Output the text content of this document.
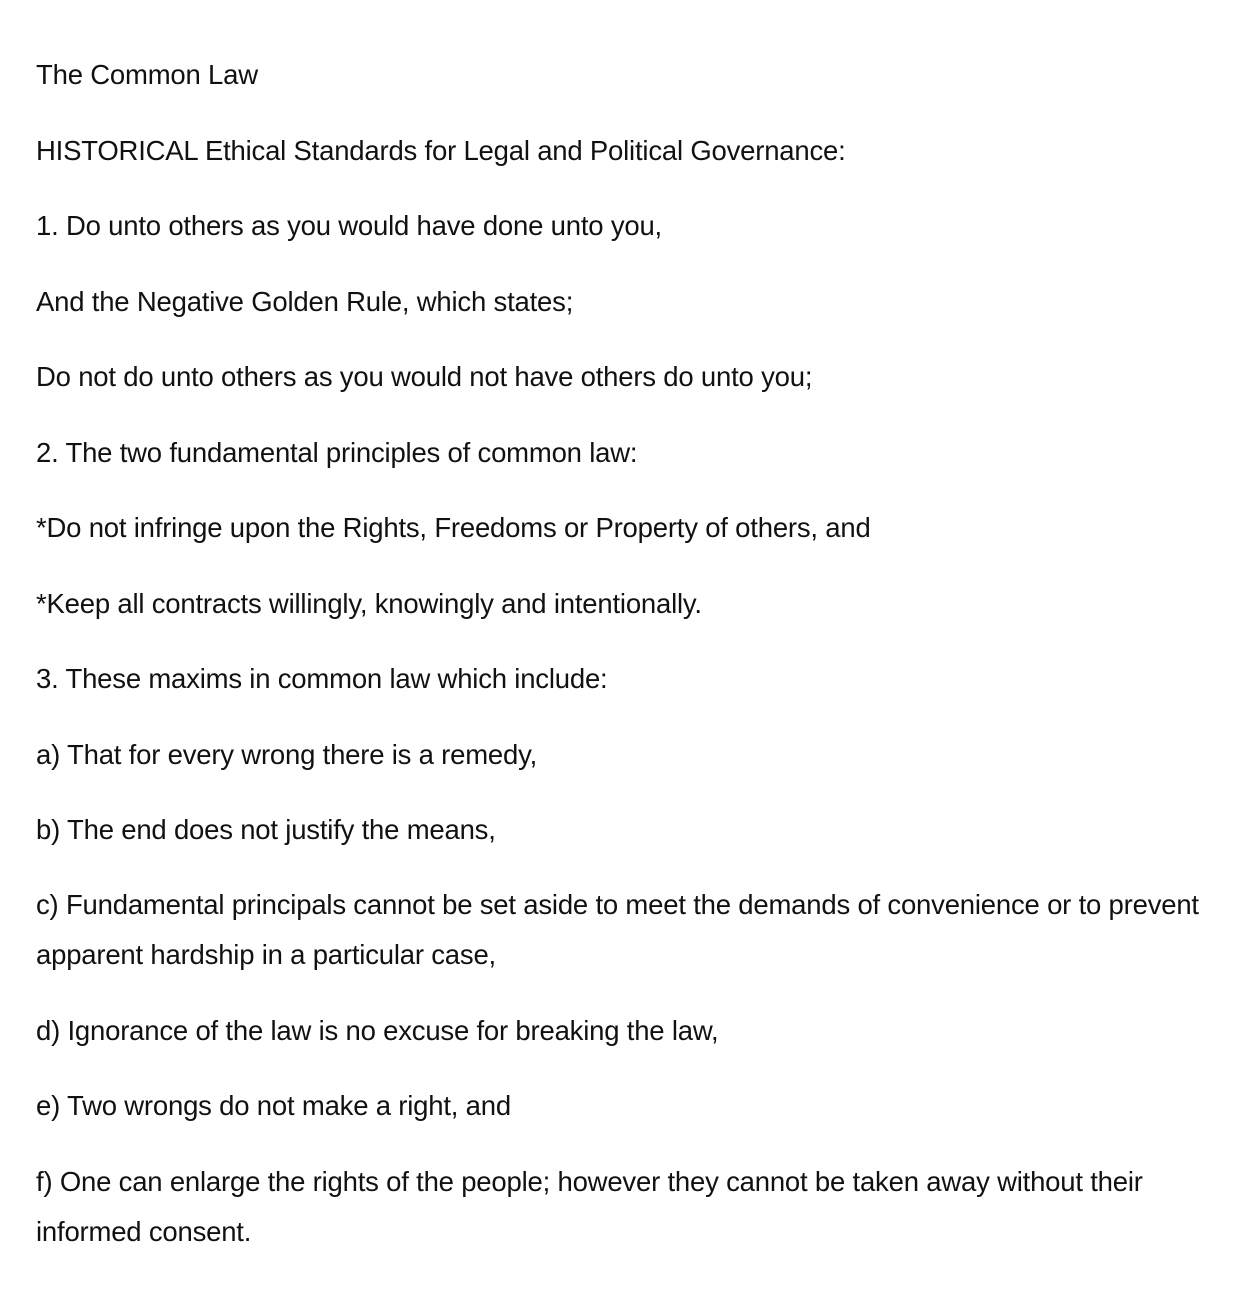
The Common Law
HISTORICAL Ethical Standards for Legal and Political Governance:
1. Do unto others as you would have done unto you,
And the Negative Golden Rule, which states;
Do not do unto others as you would not have others do unto you;
2. The two fundamental principles of common law:
*Do not infringe upon the Rights, Freedoms or Property of others, and
*Keep all contracts willingly, knowingly and intentionally.
3. These maxims in common law which include:
a) That for every wrong there is a remedy,
b) The end does not justify the means,
c) Fundamental principals cannot be set aside to meet the demands of convenience or to prevent apparent hardship in a particular case,
d) Ignorance of the law is no excuse for breaking the law,
e) Two wrongs do not make a right, and
f) One can enlarge the rights of the people; however they cannot be taken away without their informed consent.
